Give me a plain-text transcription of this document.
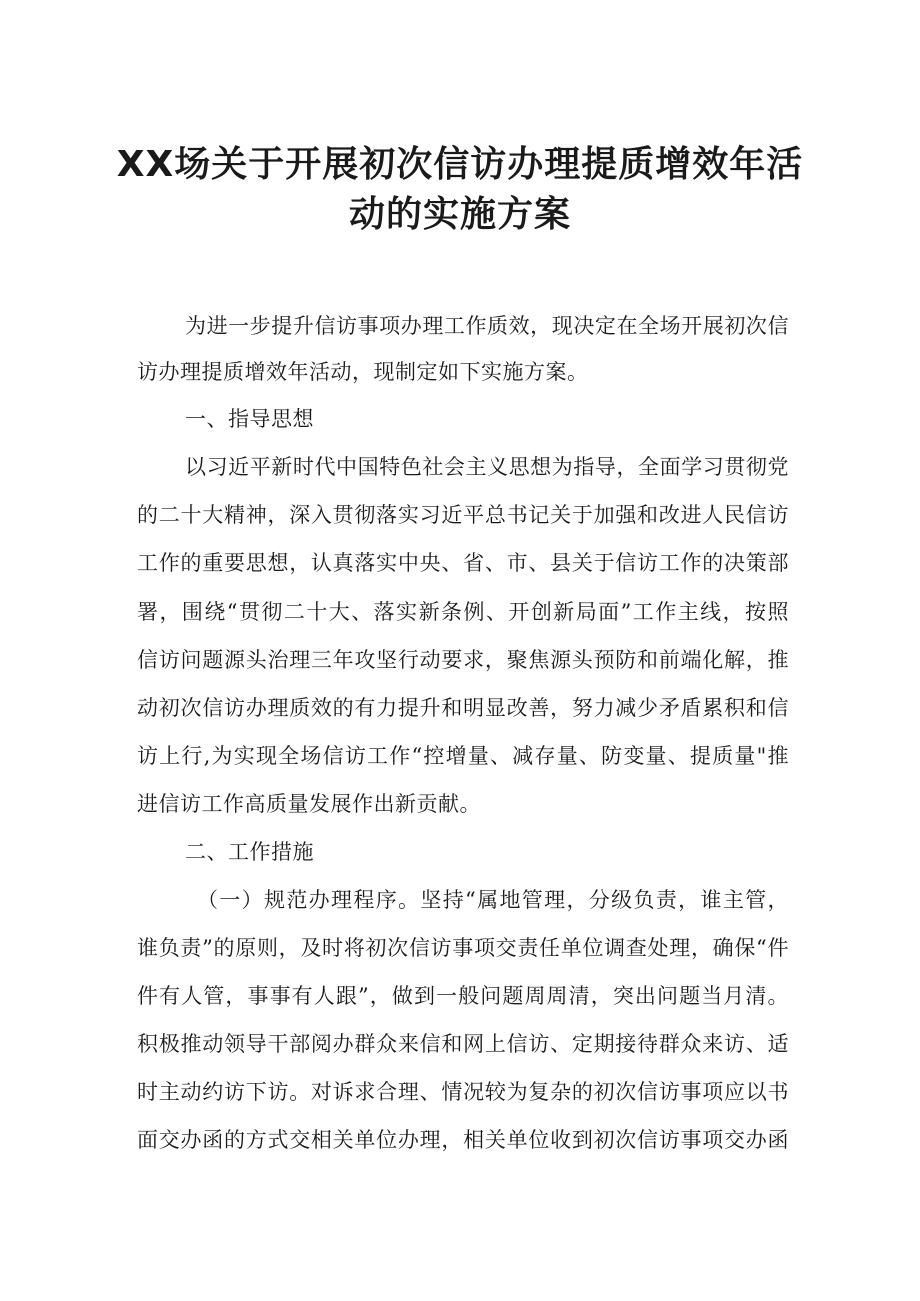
XX场关于开展初次信访办理提质增效年活
动的实施方案
为进一步提升信访事项办理工作质效，现决定在全场开展初次信
访办理提质增效年活动，现制定如下实施方案。
一、指导思想
以习近平新时代中国特色社会主义思想为指导，全面学习贯彻党
的二十大精神，深入贯彻落实习近平总书记关于加强和改进人民信访
工作的重要思想，认真落实中央、省、市、县关于信访工作的决策部
署，围绕“贯彻二十大、落实新条例、开创新局面”工作主线，按照
信访问题源头治理三年攻坚行动要求，聚焦源头预防和前端化解，推
动初次信访办理质效的有力提升和明显改善，努力减少矛盾累积和信
访上行,为实现全场信访工作“控增量、减存量、防变量、提质量"推
进信访工作高质量发展作出新贡献。
二、工作措施
（一）规范办理程序。坚持“属地管理，分级负责，谁主管，
谁负责”的原则，及时将初次信访事项交责任单位调查处理，确保“件
件有人管，事事有人跟”，做到一般问题周周清，突出问题当月清。
积极推动领导干部阅办群众来信和网上信访、定期接待群众来访、适
时主动约访下访。对诉求合理、情况较为复杂的初次信访事项应以书
面交办函的方式交相关单位办理，相关单位收到初次信访事项交办函
